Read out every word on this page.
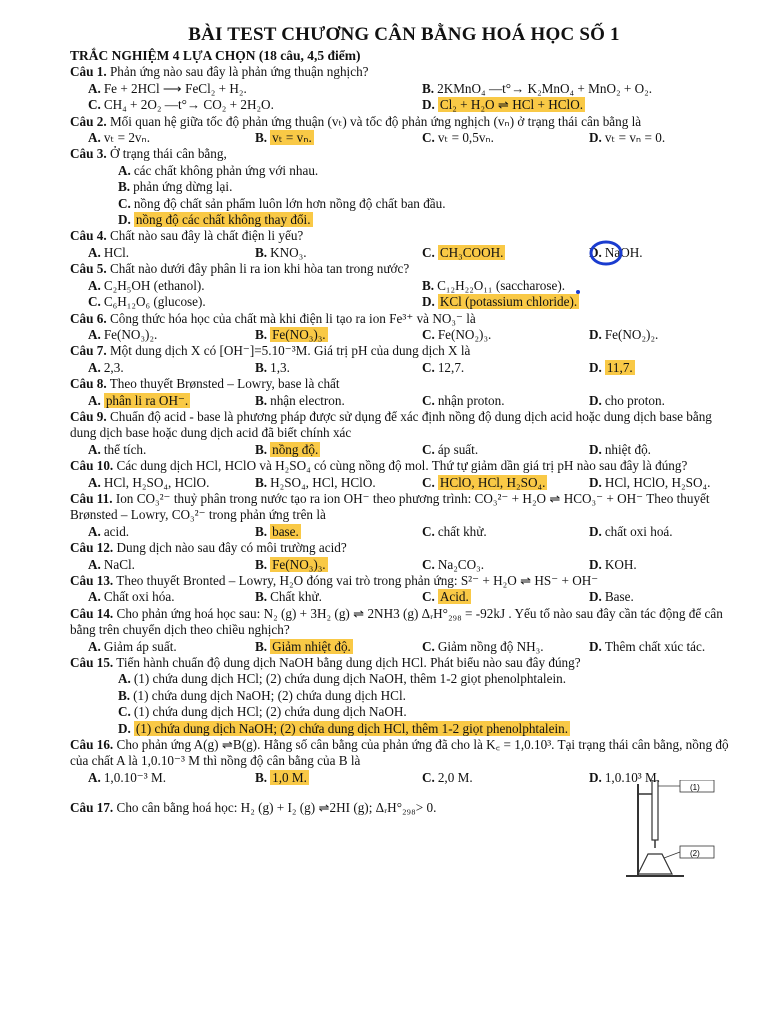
BÀI TEST CHƯƠNG CÂN BẰNG HOÁ HỌC SỐ 1

TRẮC NGHIỆM 4 LỰA CHỌN (18 câu, 4,5 điểm)

Câu 1. Phản ứng nào sau đây là phản ứng thuận nghịch?

A. Fe + 2HCl ⟶ FeCl₂ + H₂.	B. 2KMnO₄ —t°→ K₂MnO₄ + MnO₂ + O₂.
C. CH₄ + 2O₂ —t°→ CO₂ + 2H₂O.	D. Cl₂ + H₂O ⇌ HCl + HClO.

Câu 2. Mối quan hệ giữa tốc độ phản ứng thuận (vₜ) và tốc độ phản ứng nghịch (vₙ) ở trạng thái cân bằng là

A. vₜ = 2vₙ.	B. vₜ = vₙ.	C. vₜ = 0,5vₙ.	D. vₜ = vₙ = 0.

Câu 3. Ở trạng thái cân bằng,

A. các chất không phản ứng với nhau.

B. phản ứng dừng lại.

C. nồng độ chất sản phẩm luôn lớn hơn nồng độ chất ban đầu.

D. nồng độ các chất không thay đổi.

Câu 4. Chất nào sau đây là chất điện li yếu?

A. HCl.	B. KNO₃.	C. CH₃COOH.	D. NaOH.

Câu 5. Chất nào dưới đây phân li ra ion khi hòa tan trong nước?

A. C₂H₅OH (ethanol).	B. C₁₂H₂₂O₁₁ (saccharose).
C. C₆H₁₂O₆ (glucose).	D. KCl (potassium chloride).

Câu 6. Công thức hóa học của chất mà khi điện li tạo ra ion Fe³⁺ và NO₃⁻ là

A. Fe(NO₃)₂.	B. Fe(NO₃)₃.	C. Fe(NO₂)₃.	D. Fe(NO₂)₂.

Câu 7. Một dung dịch X có [OH⁻]=5.10⁻³M. Giá trị pH của dung dịch X là

A. 2,3.	B. 1,3.	C. 12,7.	D. 11,7.

Câu 8. Theo thuyết Brønsted – Lowry, base là chất

A. phân li ra OH⁻.	B. nhận electron.	C. nhận proton.	D. cho proton.

Câu 9. Chuẩn độ acid - base là phương pháp được sử dụng để xác định nồng độ dung dịch acid hoặc dung dịch base bằng dung dịch base hoặc dung dịch acid đã biết chính xác

A. thể tích.	B. nồng độ.	C. áp suất.	D. nhiệt độ.

Câu 10. Các dung dịch HCl, HClO và H₂SO₄ có cùng nồng độ mol. Thứ tự giảm dần giá trị pH nào sau đây là đúng?

A. HCl, H₂SO₄, HClO.	B. H₂SO₄, HCl, HClO.	C. HClO, HCl, H₂SO₄.	D. HCl, HClO, H₂SO₄.

Câu 11. Ion CO₃²⁻ thuỷ phân trong nước tạo ra ion OH⁻ theo phương trình: CO₃²⁻ + H₂O ⇌ HCO₃⁻ + OH⁻ Theo thuyết Brønsted – Lowry, CO₃²⁻ trong phản ứng trên là

A. acid.	B. base.	C. chất khử.	D. chất oxi hoá.

Câu 12. Dung dịch nào sau đây có môi trường acid?

A. NaCl.	B. Fe(NO₃)₃.	C. Na₂CO₃.	D. KOH.

Câu 13. Theo thuyết Bronted – Lowry, H₂O đóng vai trò trong phản ứng: S²⁻ + H₂O ⇌ HS⁻ + OH⁻

A. Chất oxi hóa.	B. Chất khử.	C. Acid.	D. Base.

Câu 14. Cho phản ứng hoá học sau: N₂ (g) + 3H₂ (g) ⇌ 2NH3 (g) ΔᵣH°₂₉₈ = -92kJ . Yếu tố nào sau đây cần tác động để cân bằng trên chuyển dịch theo chiều nghịch?

A. Giảm áp suất.	B. Giảm nhiệt độ.	C. Giảm nồng độ NH₃.	D. Thêm chất xúc tác.

Câu 15. Tiến hành chuẩn độ dung dịch NaOH bằng dung dịch HCl. Phát biểu nào sau đây đúng?

A. (1) chứa dung dịch HCl; (2) chứa dung dịch NaOH, thêm 1-2 giọt phenolphtalein.

B. (1) chứa dung dịch NaOH; (2) chứa dung dịch HCl.

C. (1) chứa dung dịch HCl; (2) chứa dung dịch NaOH.

D. (1) chứa dung dịch NaOH; (2) chứa dung dịch HCl, thêm 1-2 giọt phenolphtalein.

Câu 16. Cho phản ứng A(g) ⇌B(g). Hằng số cân bằng của phản ứng đã cho là K꜀ = 1,0.10³. Tại trạng thái cân bằng, nồng độ của chất A là 1,0.10⁻³ M thì nồng độ cân bằng của B là

A. 1,0.10⁻³ M.	B. 1,0 M.	C. 2,0 M.	D. 1,0.10³ M.

Câu 17. Cho cân bằng hoá học: H₂ (g) + I₂ (g) ⇌2HI (g); ΔᵣH°₂₉₈> 0.

(1)
(2)
